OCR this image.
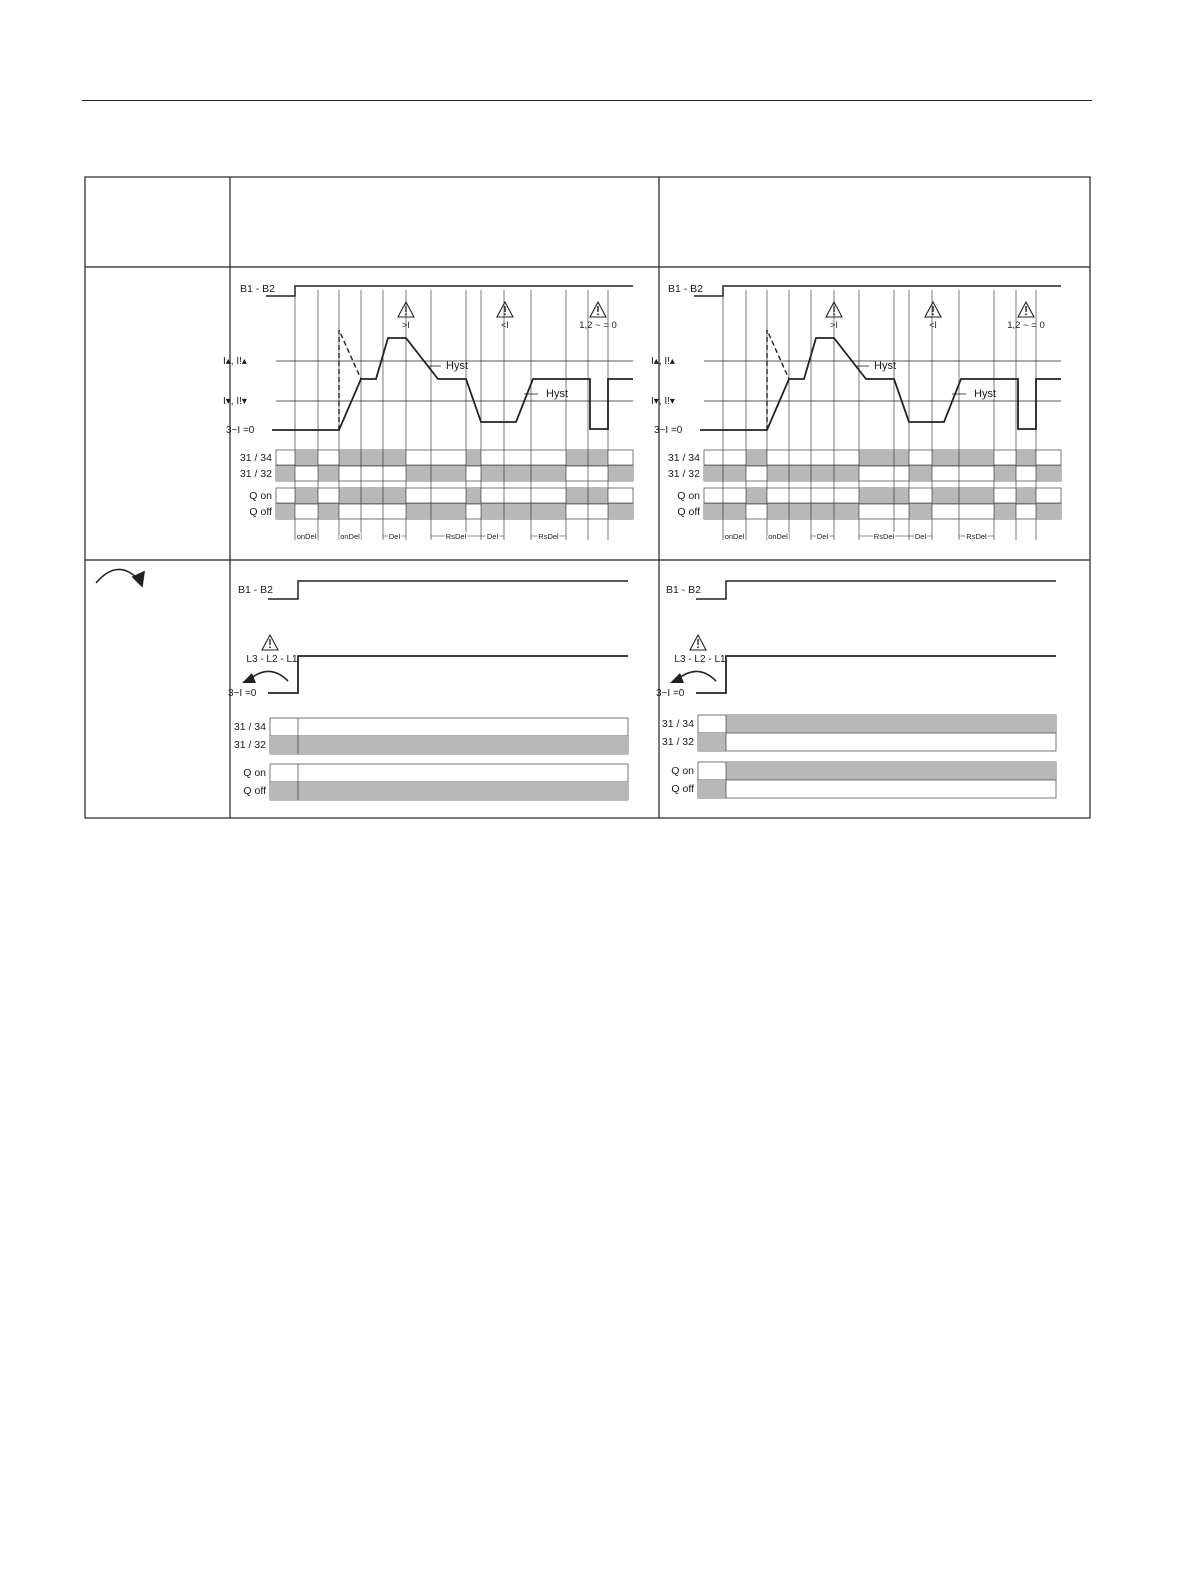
B1 - B2
>I	<I	1,2 ~ = 0
I▴, I!▴
I▾, I!▾
3~I =0
Hyst
Hyst
31 / 34
31 / 32
Q on
Q off
onDel	onDel	Del	RsDel	Del	RsDel
B1 - B2
>I	<I	1,2 ~ = 0
I▴, I!▴
I▾, I!▾
3~I =0
Hyst
Hyst
31 / 34
31 / 32
Q on
Q off
onDel	onDel	Del	RsDel	Del	RsDel
B1 - B2
L3 - L2 - L1
3~I =0
31 / 34
31 / 32
Q on
Q off
B1 - B2
L3 - L2 - L1
3~I =0
31 / 34
31 / 32
Q on
Q off
